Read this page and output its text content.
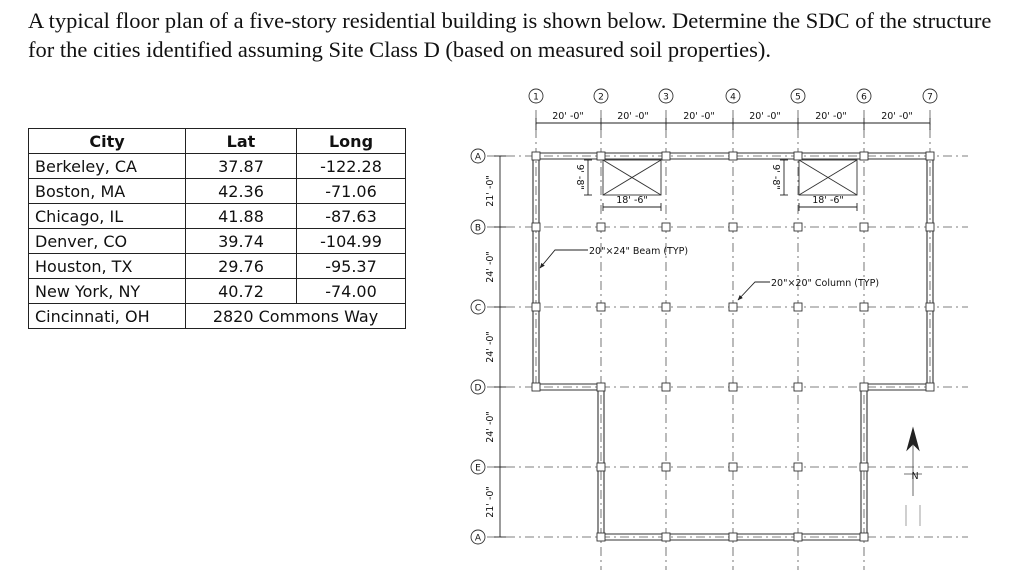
A typical floor plan of a five-story residential building is shown below. Determine the SDC of the structure for the cities identified assuming Site Class D (based on measured soil properties).

City	Lat	Long
Berkeley, CA	37.87	-122.28
Boston, MA	42.36	-71.06
Chicago, IL	41.88	-87.63
Denver, CO	39.74	-104.99
Houston, TX	29.76	-95.37
New York, NY	40.72	-74.00
Cincinnati, OH	2820 Commons Way	
20' -0"	20' -0"	20' -0"	20' -0"	20' -0"	20' -0"
1	2	3	4	5	6	7
21' -0"
24' -0"
24' -0"
24' -0"
21' -0"
A
B
C
D
E
A
9' -8"	9' -8"
18' -6"	18' -6"
20"×24" Beam (TYP)
20"×20" Column (TYP)
N
